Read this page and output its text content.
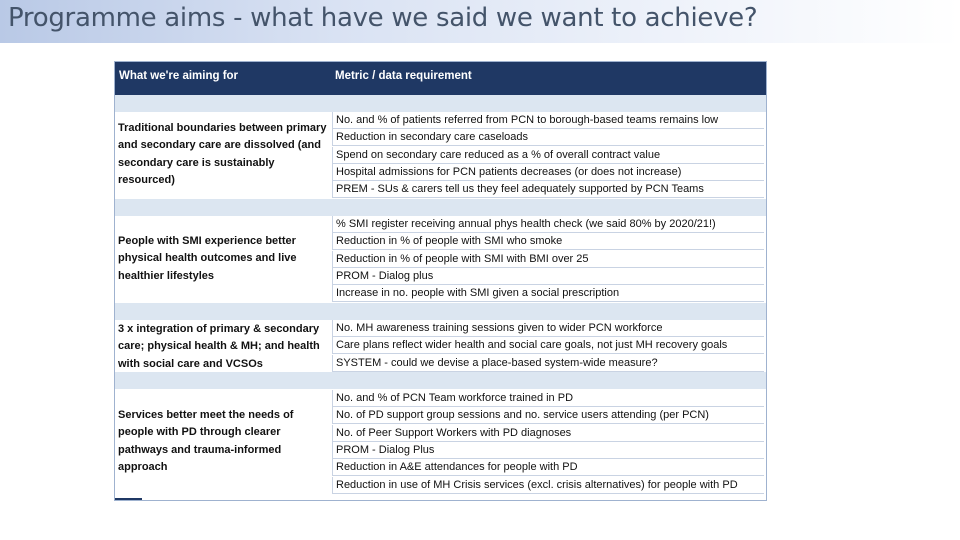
Programme aims - what have we said we want to achieve?
What we're aiming for	Metric / data requirement
Traditional boundaries between primary and secondary care are dissolved (and secondary care is sustainably resourced)
No. and % of patients referred from PCN to borough-based teams remains low
Reduction in secondary care caseloads
Spend on secondary care reduced as a % of overall contract value
Hospital admissions for PCN patients decreases (or does not increase)
PREM - SUs & carers tell us they feel adequately supported by PCN Teams
People with SMI experience better physical health outcomes and live healthier lifestyles
% SMI register receiving annual phys health check (we said 80% by 2020/21!)
Reduction in % of people with SMI who smoke
Reduction in % of people with SMI with BMI over 25
PROM - Dialog plus
Increase in no. people with SMI given a social prescription
3 x integration of primary & secondary care; physical health & MH; and health with social care and VCSOs
No. MH awareness training sessions given to wider PCN workforce
Care plans reflect wider health and social care goals, not just MH recovery goals
SYSTEM - could we devise a place-based system-wide measure?
Services better meet the needs of people with PD through clearer pathways and trauma-informed approach
No. and % of PCN Team workforce trained in PD
No. of PD support group sessions and no. service users attending (per PCN)
No. of Peer Support Workers with PD diagnoses
PROM - Dialog Plus
Reduction in A&E attendances for people with PD
Reduction in use of MH Crisis services (excl. crisis alternatives) for people with PD
